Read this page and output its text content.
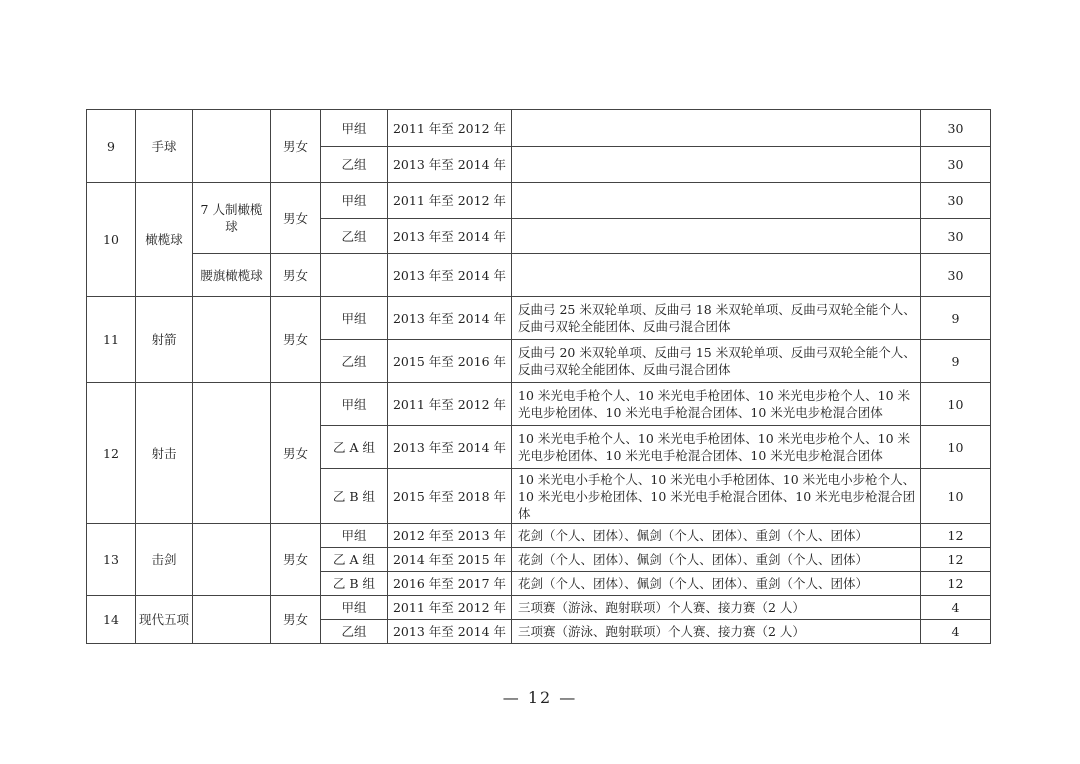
9	手球		男女	甲组	2011 年至 2012 年		30
				乙组	2013 年至 2014 年		30
10	橄榄球	7 人制橄榄球	男女	甲组	2011 年至 2012 年		30
				乙组	2013 年至 2014 年		30
		腰旗橄榄球	男女		2013 年至 2014 年		30
11	射箭		男女	甲组	2013 年至 2014 年	反曲弓 25 米双轮单项、反曲弓 18 米双轮单项、反曲弓双轮全能个人、反曲弓双轮全能团体、反曲弓混合团体	9
				乙组	2015 年至 2016 年	反曲弓 20 米双轮单项、反曲弓 15 米双轮单项、反曲弓双轮全能个人、反曲弓双轮全能团体、反曲弓混合团体	9
12	射击		男女	甲组	2011 年至 2012 年	10 米光电手枪个人、10 米光电手枪团体、10 米光电步枪个人、10 米光电步枪团体、10 米光电手枪混合团体、10 米光电步枪混合团体	10
				乙 A 组	2013 年至 2014 年	10 米光电手枪个人、10 米光电手枪团体、10 米光电步枪个人、10 米光电步枪团体、10 米光电手枪混合团体、10 米光电步枪混合团体	10
				乙 B 组	2015 年至 2018 年	10 米光电小手枪个人、10 米光电小手枪团体、10 米光电小步枪个人、10 米光电小步枪团体、10 米光电手枪混合团体、10 米光电步枪混合团体	10
13	击剑		男女	甲组	2012 年至 2013 年	花剑（个人、团体）、佩剑（个人、团体）、重剑（个人、团体）	12
				乙 A 组	2014 年至 2015 年	花剑（个人、团体）、佩剑（个人、团体）、重剑（个人、团体）	12
				乙 B 组	2016 年至 2017 年	花剑（个人、团体）、佩剑（个人、团体）、重剑（个人、团体）	12
14	现代五项		男女	甲组	2011 年至 2012 年	三项赛（游泳、跑射联项）个人赛、接力赛（2 人）	4
				乙组	2013 年至 2014 年	三项赛（游泳、跑射联项）个人赛、接力赛（2 人）	4
— 12 —
